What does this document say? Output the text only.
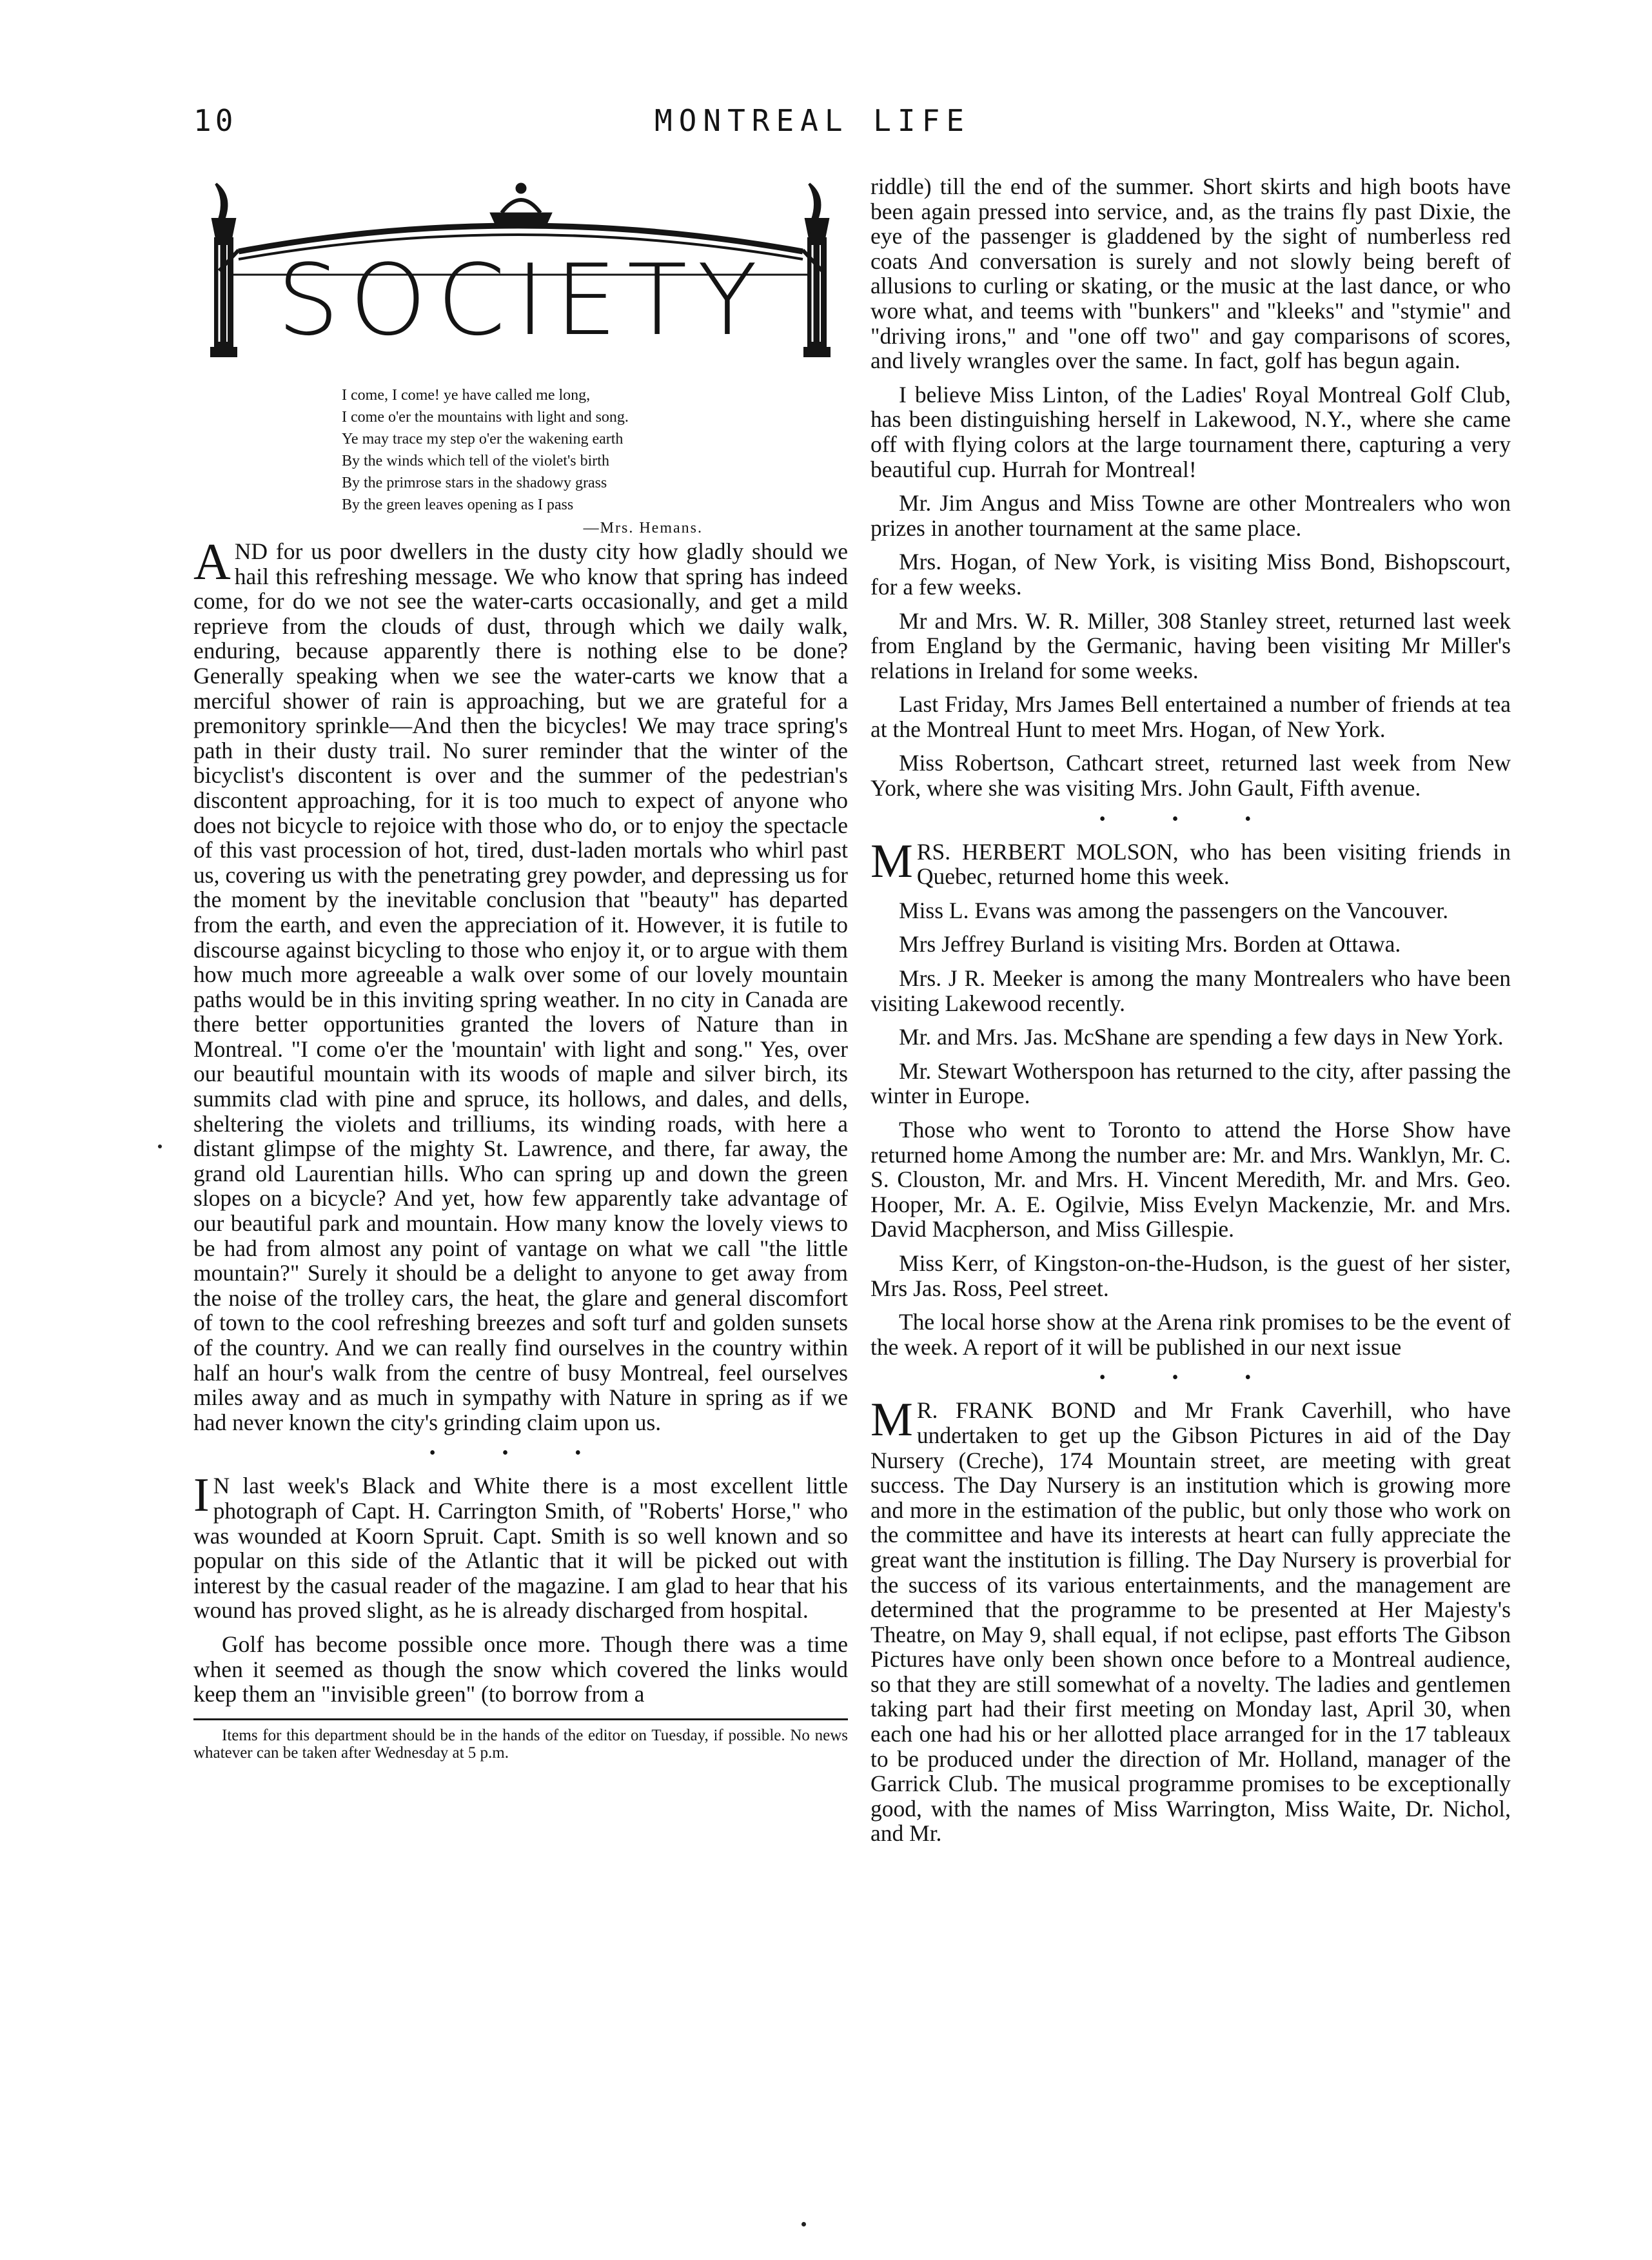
10	MONTREAL LIFE
SOCIETY
I come, I come! ye have called me long,
I come o'er the mountains with light and song.
Ye may trace my step o'er the wakening earth
By the winds which tell of the violet's birth
By the primrose stars in the shadowy grass
By the green leaves opening as I pass
—Mrs. Hemans.

AND for us poor dwellers in the dusty city how gladly should we hail this refreshing message. We who know that spring has indeed come, for do we not see the water-carts occasionally, and get a mild reprieve from the clouds of dust, through which we daily walk, enduring, because apparently there is nothing else to be done? Generally speaking when we see the water-carts we know that a merciful shower of rain is approaching, but we are grateful for a premonitory sprinkle—And then the bicycles! We may trace spring's path in their dusty trail. No surer reminder that the winter of the bicyclist's discontent is over and the summer of the pedestrian's discontent approaching, for it is too much to expect of anyone who does not bicycle to rejoice with those who do, or to enjoy the spectacle of this vast procession of hot, tired, dust-laden mortals who whirl past us, covering us with the penetrating grey powder, and depressing us for the moment by the inevitable conclusion that "beauty" has departed from the earth, and even the appreciation of it. However, it is futile to discourse against bicycling to those who enjoy it, or to argue with them how much more agreeable a walk over some of our lovely mountain paths would be in this inviting spring weather. In no city in Canada are there better opportunities granted the lovers of Nature than in Montreal. "I come o'er the 'mountain' with light and song." Yes, over our beautiful mountain with its woods of maple and silver birch, its summits clad with pine and spruce, its hollows, and dales, and dells, sheltering the violets and trilliums, its winding roads, with here a distant glimpse of the mighty St. Lawrence, and there, far away, the grand old Laurentian hills. Who can spring up and down the green slopes on a bicycle? And yet, how few apparently take advantage of our beautiful park and mountain. How many know the lovely views to be had from almost any point of vantage on what we call "the little mountain?" Surely it should be a delight to anyone to get away from the noise of the trolley cars, the heat, the glare and general discomfort of town to the cool refreshing breezes and soft turf and golden sunsets of the country. And we can really find ourselves in the country within half an hour's walk from the centre of busy Montreal, feel ourselves miles away and as much in sympathy with Nature in spring as if we had never known the city's grinding claim upon us.

• • •

I N last week's Black and White there is a most excellent little photograph of Capt. H. Carrington Smith, of "Roberts' Horse," who was wounded at Koorn Spruit. Capt. Smith is so well known and so popular on this side of the Atlantic that it will be picked out with interest by the casual reader of the magazine. I am glad to hear that his wound has proved slight, as he is already discharged from hospital.

Golf has become possible once more. Though there was a time when it seemed as though the snow which covered the links would keep them an "invisible green" (to borrow from a

Items for this department should be in the hands of the editor on Tuesday, if possible. No news whatever can be taken after Wednesday at 5 p.m.

riddle) till the end of the summer. Short skirts and high boots have been again pressed into service, and, as the trains fly past Dixie, the eye of the passenger is gladdened by the sight of numberless red coats And conversation is surely and not slowly being bereft of allusions to curling or skating, or the music at the last dance, or who wore what, and teems with "bunkers" and "kleeks" and "stymie" and "driving irons," and "one off two" and gay comparisons of scores, and lively wrangles over the same. In fact, golf has begun again.

I believe Miss Linton, of the Ladies' Royal Montreal Golf Club, has been distinguishing herself in Lakewood, N.Y., where she came off with flying colors at the large tournament there, capturing a very beautiful cup. Hurrah for Montreal!

Mr. Jim Angus and Miss Towne are other Montrealers who won prizes in another tournament at the same place.

Mrs. Hogan, of New York, is visiting Miss Bond, Bishopscourt, for a few weeks.

Mr and Mrs. W. R. Miller, 308 Stanley street, returned last week from England by the Germanic, having been visiting Mr Miller's relations in Ireland for some weeks.

Last Friday, Mrs James Bell entertained a number of friends at tea at the Montreal Hunt to meet Mrs. Hogan, of New York.

Miss Robertson, Cathcart street, returned last week from New York, where she was visiting Mrs. John Gault, Fifth avenue.

• • •

MRS. HERBERT MOLSON, who has been visiting friends in Quebec, returned home this week.

Miss L. Evans was among the passengers on the Vancouver.

Mrs Jeffrey Burland is visiting Mrs. Borden at Ottawa.

Mrs. J R. Meeker is among the many Montrealers who have been visiting Lakewood recently.

Mr. and Mrs. Jas. McShane are spending a few days in New York.

Mr. Stewart Wotherspoon has returned to the city, after passing the winter in Europe.

Those who went to Toronto to attend the Horse Show have returned home Among the number are: Mr. and Mrs. Wanklyn, Mr. C. S. Clouston, Mr. and Mrs. H. Vincent Meredith, Mr. and Mrs. Geo. Hooper, Mr. A. E. Ogilvie, Miss Evelyn Mackenzie, Mr. and Mrs. David Macpherson, and Miss Gillespie.

Miss Kerr, of Kingston-on-the-Hudson, is the guest of her sister, Mrs Jas. Ross, Peel street.

The local horse show at the Arena rink promises to be the event of the week. A report of it will be published in our next issue

• • •

M R. FRANK BOND and Mr Frank Caverhill, who have undertaken to get up the Gibson Pictures in aid of the Day Nursery (Creche), 174 Mountain street, are meeting with great success. The Day Nursery is an institution which is growing more and more in the estimation of the public, but only those who work on the committee and have its interests at heart can fully appreciate the great want the institution is filling. The Day Nursery is proverbial for the success of its various entertainments, and the management are determined that the programme to be presented at Her Majesty's Theatre, on May 9, shall equal, if not eclipse, past efforts The Gibson Pictures have only been shown once before to a Montreal audience, so that they are still somewhat of a novelty. The ladies and gentlemen taking part had their first meeting on Monday last, April 30, when each one had his or her allotted place arranged for in the 17 tableaux to be produced under the direction of Mr. Holland, manager of the Garrick Club. The musical programme promises to be exceptionally good, with the names of Miss Warrington, Miss Waite, Dr. Nichol, and Mr.
